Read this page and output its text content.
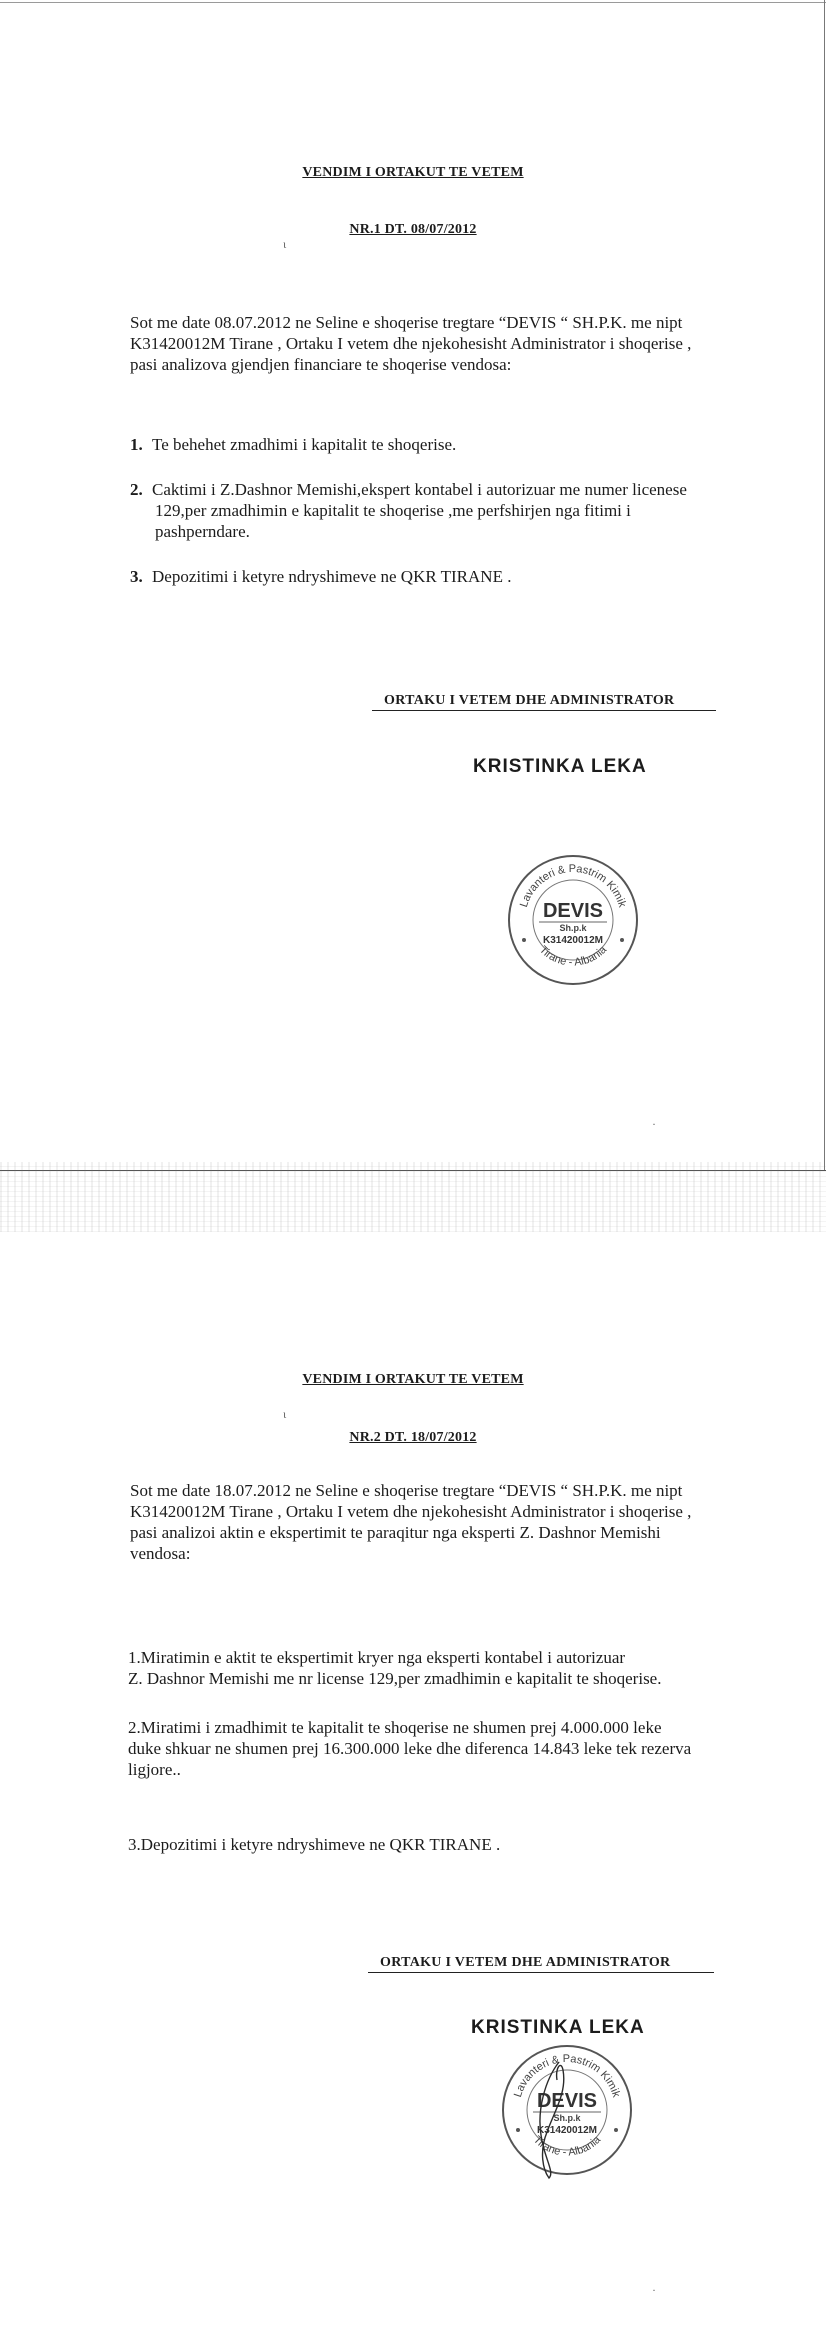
ɩ
ɩ
·
·
VENDIM I ORTAKUT TE VETEM
NR.1 DT. 08/07/2012
Sot me date 08.07.2012 ne Seline e shoqerise tregtare “DEVIS “ SH.P.K. me nipt
K31420012M Tirane , Ortaku I vetem dhe njekohesisht Administrator i shoqerise ,
pasi analizova gjendjen financiare te shoqerise vendosa:
1. Te behehet zmadhimi i kapitalit te shoqerise.
2. Caktimi i Z.Dashnor Memishi,ekspert kontabel i autorizuar me numer licenese
129,per zmadhimin e kapitalit te shoqerise ,me perfshirjen nga fitimi i
pashperndare.
3. Depozitimi i ketyre ndryshimeve ne QKR TIRANE .
ORTAKU I VETEM DHE ADMINISTRATOR
KRISTINKA LEKA
Lavanteri & Pastrim Kimik
Tirane - Albania
DEVIS
Sh.p.k
K31420012M
VENDIM I ORTAKUT TE VETEM
NR.2 DT. 18/07/2012
Sot me date 18.07.2012 ne Seline e shoqerise tregtare “DEVIS “ SH.P.K. me nipt
K31420012M Tirane , Ortaku I vetem dhe njekohesisht Administrator i shoqerise ,
pasi analizoi aktin e ekspertimit te paraqitur nga eksperti Z. Dashnor Memishi
vendosa:
1.Miratimin e aktit te ekspertimit kryer nga eksperti kontabel i autorizuar
Z. Dashnor Memishi me nr license 129,per zmadhimin e kapitalit te shoqerise.
2.Miratimi i zmadhimit te kapitalit te shoqerise ne shumen prej 4.000.000 leke
duke shkuar ne shumen prej 16.300.000 leke dhe diferenca 14.843 leke tek rezerva
ligjore..
3.Depozitimi i ketyre ndryshimeve ne QKR TIRANE .
ORTAKU I VETEM DHE ADMINISTRATOR
KRISTINKA LEKA
Lavanteri & Pastrim Kimik
Tirane - Albania
DEVIS
Sh.p.k
K31420012M
